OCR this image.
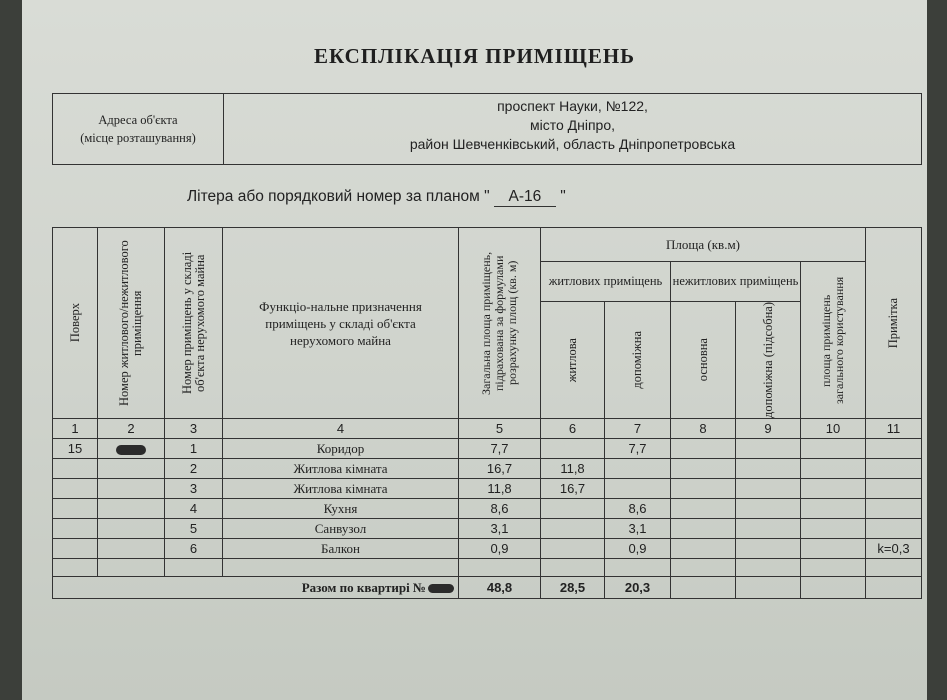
ЕКСПЛІКАЦІЯ ПРИМІЩЕНЬ
Адреса об'єкта
(місце розташування)
проспект Науки, №122,
місто Дніпро,
район Шевченківський, область Дніпропетровська
Літера або порядковий номер за планом " А-16 "
Поверх	Номер житлового/нежитлового приміщення	Номер приміщень у складі об'єкта нерухомого майна	Функціо-нальне призначення приміщень у складі об'єкта нерухомого майна	Загальна площа приміщень, підрахована за формулами розрахунку площ (кв. м)	Площа (кв.м)					Примітка

					житлових приміщень		нежитлових приміщень		площа приміщень загального користування	

					житлова	допоміжна	основна	допоміжна (підсобна)		

1	2	3	4	5	6	7	8	9	10	11
15		1	Коридор	7,7		7,7				
		2	Житлова кімната	16,7	11,8					
		3	Житлова кімната	11,8	16,7					
		4	Кухня	8,6		8,6				
		5	Санвузол	3,1		3,1				
		6	Балкон	0,9		0,9				k=0,3

Разом по квартирі №				48,8	28,5	20,3				
